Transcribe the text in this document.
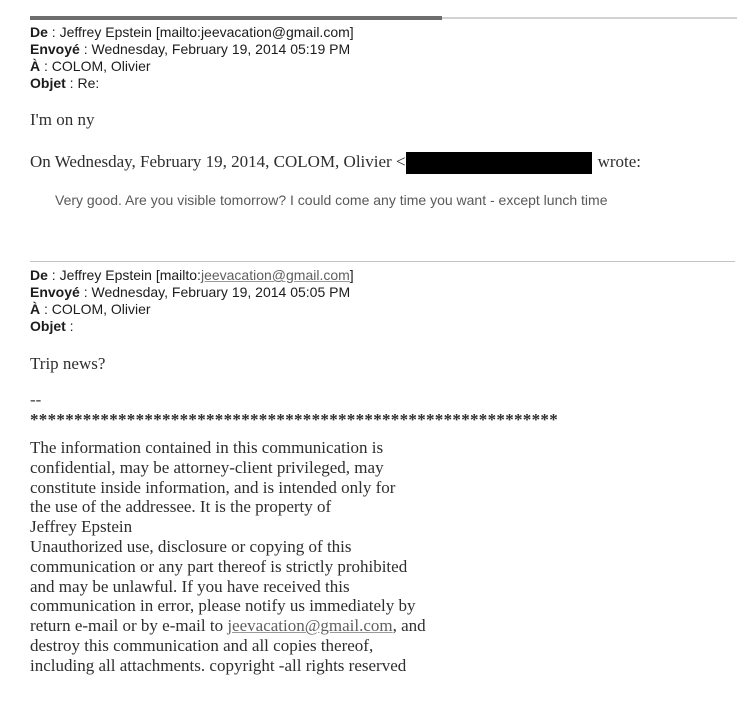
De : Jeffrey Epstein [mailto:jeevacation@gmail.com]
Envoyé : Wednesday, February 19, 2014 05:19 PM
À : COLOM, Olivier
Objet : Re:
I'm on ny
On Wednesday, February 19, 2014, COLOM, Olivier <	wrote:
Very good. Are you visible tomorrow? I could come any time you want - except lunch time
De : Jeffrey Epstein [mailto:jeevacation@gmail.com]
Envoyé : Wednesday, February 19, 2014 05:05 PM
À : COLOM, Olivier
Objet :
Trip news?
--
************************************************************
The information contained in this communication is
confidential, may be attorney-client privileged, may
constitute inside information, and is intended only for
the use of the addressee. It is the property of
Jeffrey Epstein
Unauthorized use, disclosure or copying of this
communication or any part thereof is strictly prohibited
and may be unlawful. If you have received this
communication in error, please notify us immediately by
return e-mail or by e-mail to jeevacation@gmail.com, and
destroy this communication and all copies thereof,
including all attachments. copyright -all rights reserved
